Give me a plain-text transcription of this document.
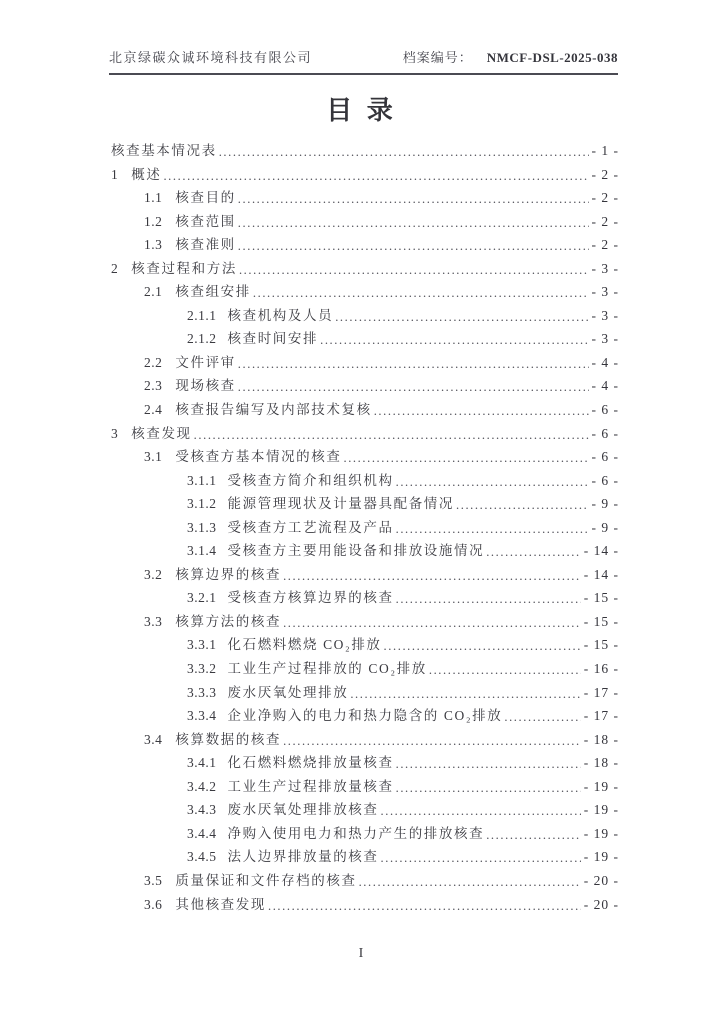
北京绿碳众诚环境科技有限公司	档案编号： NMCF-DSL-2025-038
目 录
核查基本情况表 .....	- 1 -
1 概述 .....	- 2 -
1.1 核查目的 .....	- 2 -
1.2 核查范围 .....	- 2 -
1.3 核查准则 .....	- 2 -
2 核查过程和方法 .....	- 3 -
2.1 核查组安排 .....	- 3 -
2.1.1 核查机构及人员 .....	- 3 -
2.1.2 核查时间安排 .....	- 3 -
2.2 文件评审 .....	- 4 -
2.3 现场核查 .....	- 4 -
2.4 核查报告编写及内部技术复核 .....	- 6 -
3 核查发现 .....	- 6 -
3.1 受核查方基本情况的核查 .....	- 6 -
3.1.1 受核查方简介和组织机构 .....	- 6 -
3.1.2 能源管理现状及计量器具配备情况 .....	- 9 -
3.1.3 受核查方工艺流程及产品 .....	- 9 -
3.1.4 受核查方主要用能设备和排放设施情况 .....	- 14 -
3.2 核算边界的核查 .....	- 14 -
3.2.1 受核查方核算边界的核查 .....	- 15 -
3.3 核算方法的核查 .....	- 15 -
3.3.1 化石燃料燃烧 CO₂排放 .....	- 15 -
3.3.2 工业生产过程排放的 CO₂排放 .....	- 16 -
3.3.3 废水厌氧处理排放 .....	- 17 -
3.3.4 企业净购入的电力和热力隐含的 CO₂排放 .....	- 17 -
3.4 核算数据的核查 .....	- 18 -
3.4.1 化石燃料燃烧排放量核查 .....	- 18 -
3.4.2 工业生产过程排放量核查 .....	- 19 -
3.4.3 废水厌氧处理排放核查 .....	- 19 -
3.4.4 净购入使用电力和热力产生的排放核查 .....	- 19 -
3.4.5 法人边界排放量的核查 .....	- 19 -
3.5 质量保证和文件存档的核查 .....	- 20 -
3.6 其他核查发现 .....	- 20 -
I
